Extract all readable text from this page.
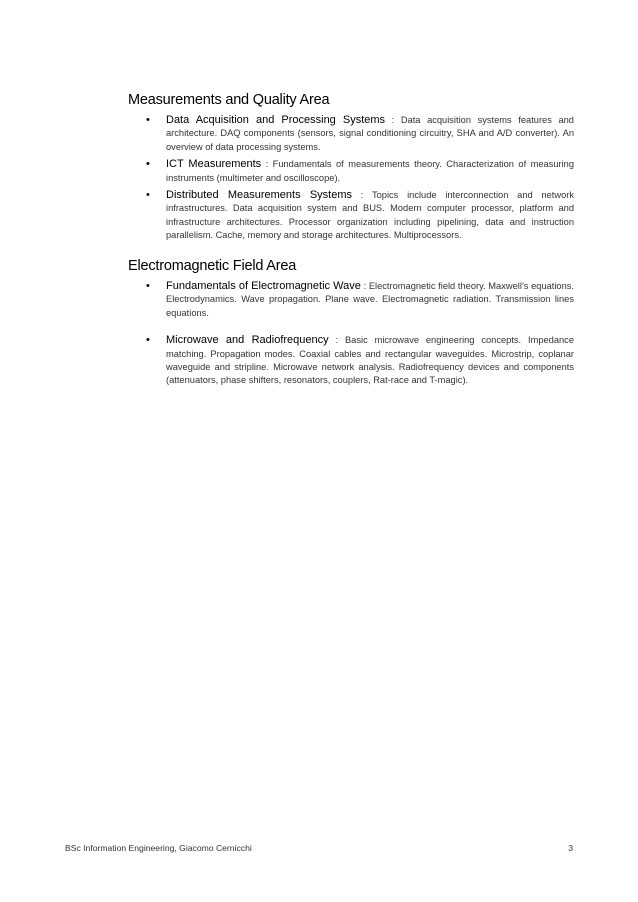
Measurements and Quality Area
• Data Acquisition and Processing Systems : Data acquisition systems features and architecture. DAQ components (sensors, signal conditioning circuitry, SHA and A/D converter). An overview of data processing systems.
• ICT Measurements : Fundamentals of measurements theory. Characterization of measuring instruments (multimeter and oscilloscope).
• Distributed Measurements Systems : Topics include interconnection and network infrastructures. Data acquisition system and BUS. Modern computer processor, platform and infrastructure architectures. Processor organization including pipelining, data and instruction parallelism. Cache, memory and storage architectures. Multiprocessors.
Electromagnetic Field Area
• Fundamentals of Electromagnetic Wave : Electromagnetic field theory. Maxwell’s equations. Electrodynamics. Wave propagation. Plane wave. Electromagnetic radiation. Transmission lines equations.
• Microwave and Radiofrequency : Basic microwave engineering concepts. Impedance matching. Propagation modes. Coaxial cables and rectangular waveguides. Microstrip, coplanar waveguide and stripline. Microwave network analysis. Radiofrequency devices and components (attenuators, phase shifters, resonators, couplers, Rat-race and T-magic).
BSc Information Engineering, Giacomo Cernicchi	3
